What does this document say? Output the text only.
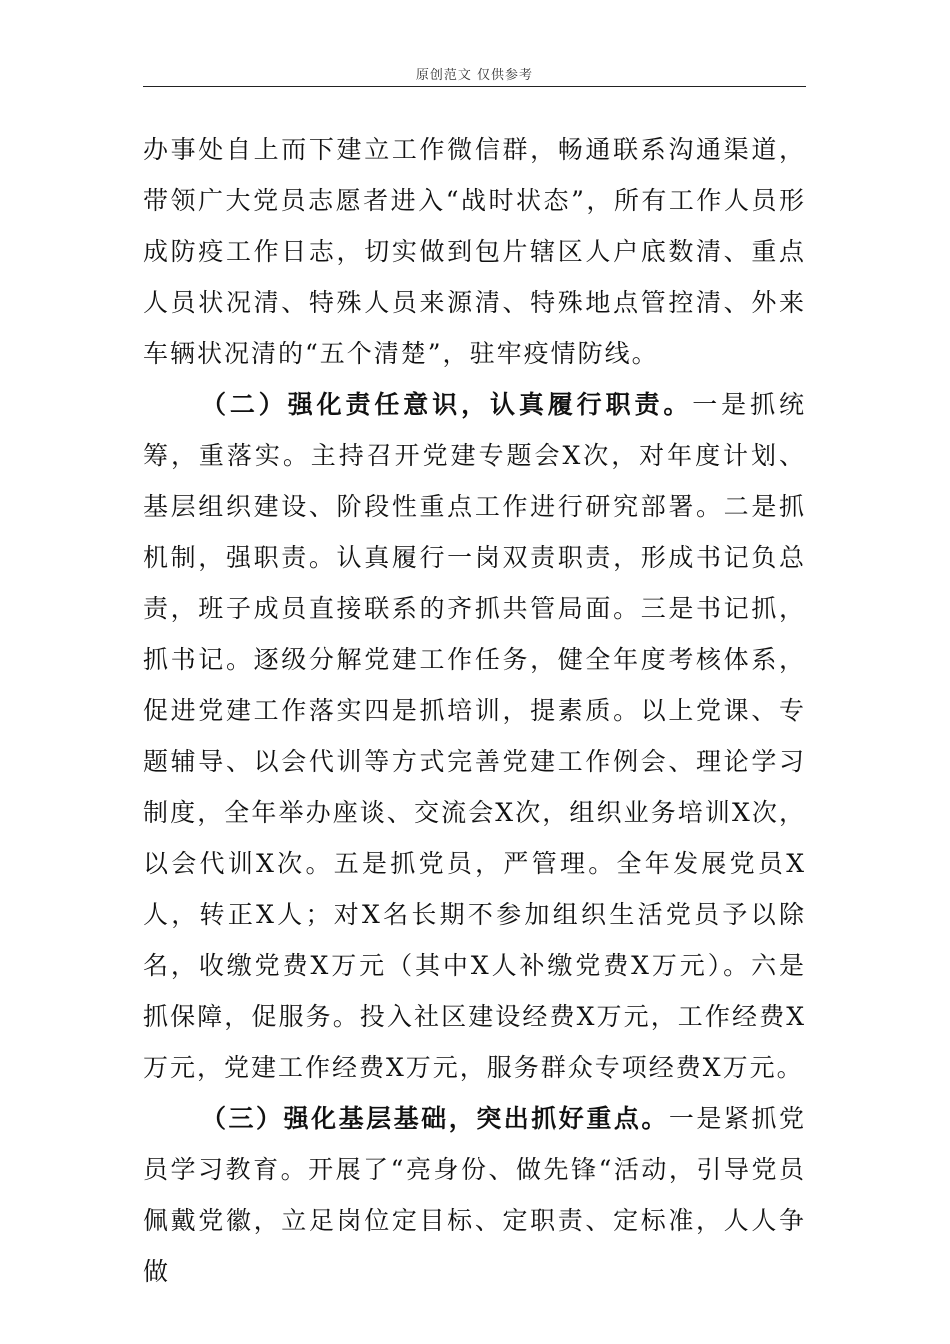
原创范文 仅供参考

办事处自上而下建立工作微信群，畅通联系沟通渠道，带领广大党员志愿者进入“战时状态”，所有工作人员形成防疫工作日志，切实做到包片辖区人户底数清、重点人员状况清、特殊人员来源清、特殊地点管控清、外来车辆状况清的“五个清楚”，驻牢疫情防线。

（二）强化责任意识，认真履行职责。一是抓统筹，重落实。主持召开党建专题会X次，对年度计划、基层组织建设、阶段性重点工作进行研究部署。二是抓机制，强职责。认真履行一岗双责职责，形成书记负总责，班子成员直接联系的齐抓共管局面。三是书记抓，抓书记。逐级分解党建工作任务，健全年度考核体系，促进党建工作落实四是抓培训，提素质。以上党课、专题辅导、以会代训等方式完善党建工作例会、理论学习制度，全年举办座谈、交流会X次，组织业务培训X次，以会代训X次。五是抓党员，严管理。全年发展党员X人，转正X人；对X名长期不参加组织生活党员予以除名，收缴党费X万元（其中X人补缴党费X万元）。六是抓保障，促服务。投入社区建设经费X万元，工作经费X万元，党建工作经费X万元，服务群众专项经费X万元。

（三）强化基层基础，突出抓好重点。一是紧抓党员学习教育。开展了“亮身份、做先锋“活动，引导党员佩戴党徽，立足岗位定目标、定职责、定标准，人人争做
